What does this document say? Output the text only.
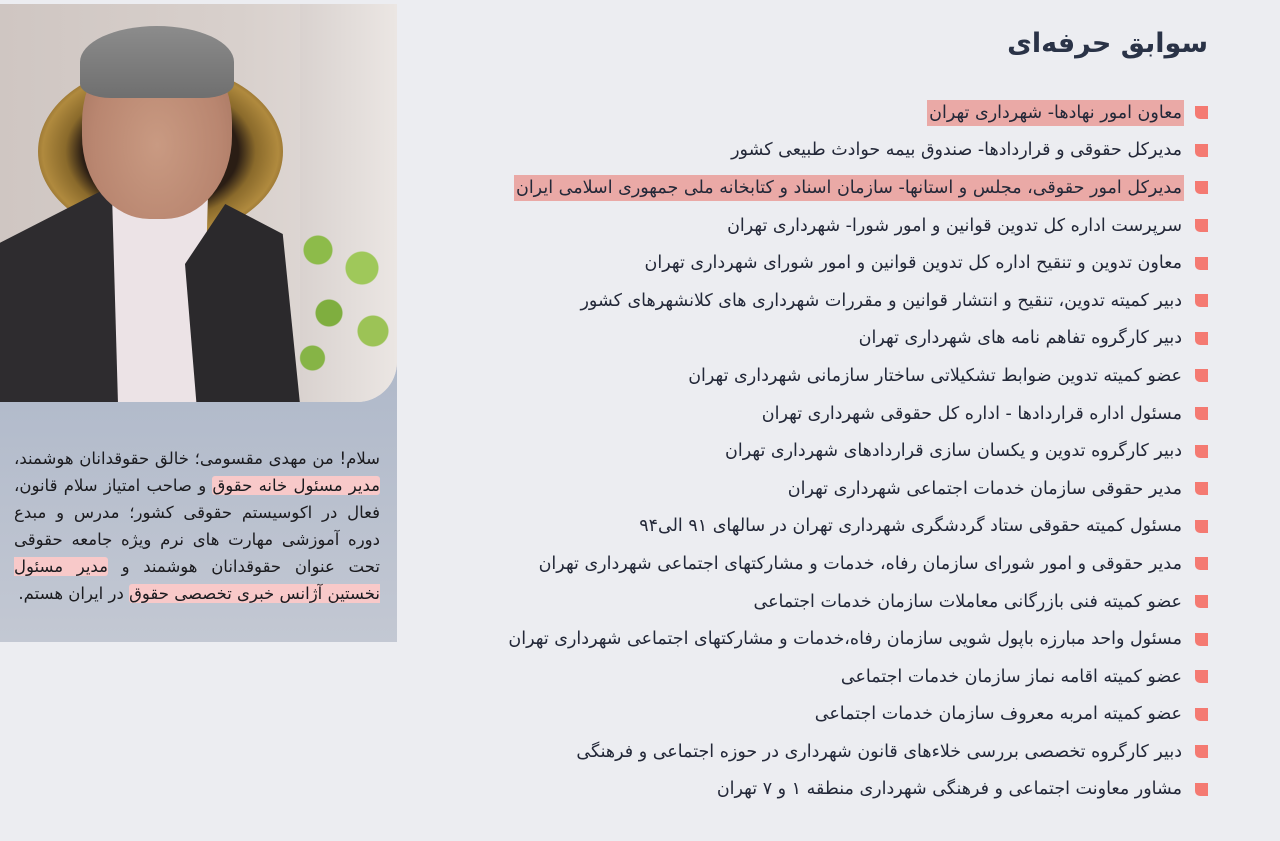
سلام! من مهدی مقسومی؛ خالق حقوقدانان هوشمند، مدیر مسئول خانه حقوق و صاحب امتیاز سلام قانون، فعال در اکوسیستم حقوقی کشور؛ مدرس و مبدع دوره آموزشی مهارت های نرم ویژه جامعه حقوقی تحت عنوان حقوقدانان هوشمند و مدیر مسئول نخستین آژانس خبری تخصصی حقوق در ایران هستم.

سوابق حرفه‌ای
معاون امور نهادها- شهرداری تهران
مدیرکل حقوقی و قراردادها- صندوق بیمه حوادث طبیعی کشور
مدیرکل امور حقوقی، مجلس و استانها- سازمان اسناد و کتابخانه ملی جمهوری اسلامی ایران
سرپرست اداره کل تدوین قوانین و امور شورا- شهرداری تهران
معاون تدوین و تنقیح اداره کل تدوین قوانین و امور شورای شهرداری تهران
دبیر کمیته تدوین، تنقیح و انتشار قوانین و مقررات شهرداری های کلانشهرهای کشور
دبیر کارگروه تفاهم نامه های شهرداری تهران
عضو کمیته تدوین ضوابط تشکیلاتی ساختار سازمانی شهرداری تهران
مسئول اداره قراردادها - اداره کل حقوقی شهرداری تهران
دبیر کارگروه تدوین و یکسان سازی قراردادهای شهرداری تهران
مدیر حقوقی سازمان خدمات اجتماعی شهرداری تهران
مسئول کمیته حقوقی ستاد گردشگری شهرداری تهران در سالهای ۹۱ الی۹۴
مدیر حقوقی و امور شورای سازمان رفاه، خدمات و مشارکتهای اجتماعی شهرداری تهران
عضو کمیته فنی بازرگانی معاملات سازمان خدمات اجتماعی
مسئول واحد مبارزه باپول شویی سازمان رفاه،خدمات و مشارکتهای اجتماعی شهرداری تهران
عضو کمیته اقامه نماز سازمان خدمات اجتماعی
عضو کمیته امربه معروف سازمان خدمات اجتماعی
دبیر کارگروه تخصصی بررسی خلاءهای قانون شهرداری در حوزه اجتماعی و فرهنگی
مشاور معاونت اجتماعی و فرهنگی شهرداری منطقه ۱ و ۷ تهران
